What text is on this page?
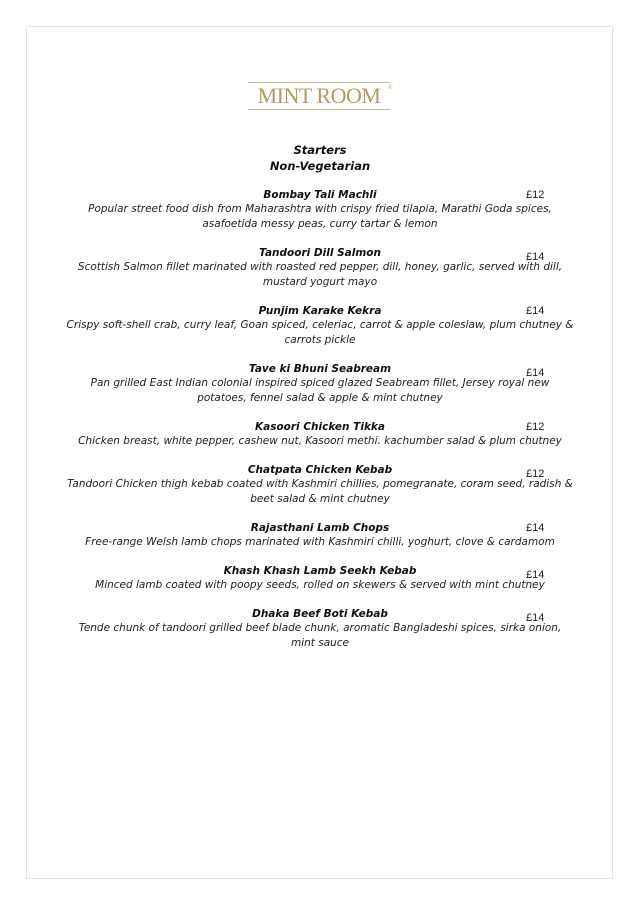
MINT ROOM	®
Starters
Non-Vegetarian
Bombay Tali Machli	£12
Popular street food dish from Maharashtra with crispy fried tilapia, Marathi Goda spices, asafoetida messy peas, curry tartar & lemon
Tandoori Dill Salmon	£14
Scottish Salmon fillet marinated with roasted red pepper, dill, honey, garlic, served with dill, mustard yogurt mayo
Punjim Karake Kekra	£14
Crispy soft-shell crab, curry leaf, Goan spiced, celeriac, carrot & apple coleslaw, plum chutney & carrots pickle
Tave ki Bhuni Seabream	£14
Pan grilled East Indian colonial inspired spiced glazed Seabream fillet, Jersey royal new potatoes, fennel salad & apple & mint chutney
Kasoori Chicken Tikka	£12
Chicken breast, white pepper, cashew nut, Kasoori methi. kachumber salad & plum chutney
Chatpata Chicken Kebab	£12
Tandoori Chicken thigh kebab coated with Kashmiri chillies, pomegranate, coram seed, radish & beet salad & mint chutney
Rajasthani Lamb Chops	£14
Free-range Welsh lamb chops marinated with Kashmiri chilli, yoghurt, clove & cardamom
Khash Khash Lamb Seekh Kebab	£14
Minced lamb coated with poopy seeds, rolled on skewers & served with mint chutney
Dhaka Beef Boti Kebab	£14
Tende chunk of tandoori grilled beef blade chunk, aromatic Bangladeshi spices, sirka onion, mint sauce
